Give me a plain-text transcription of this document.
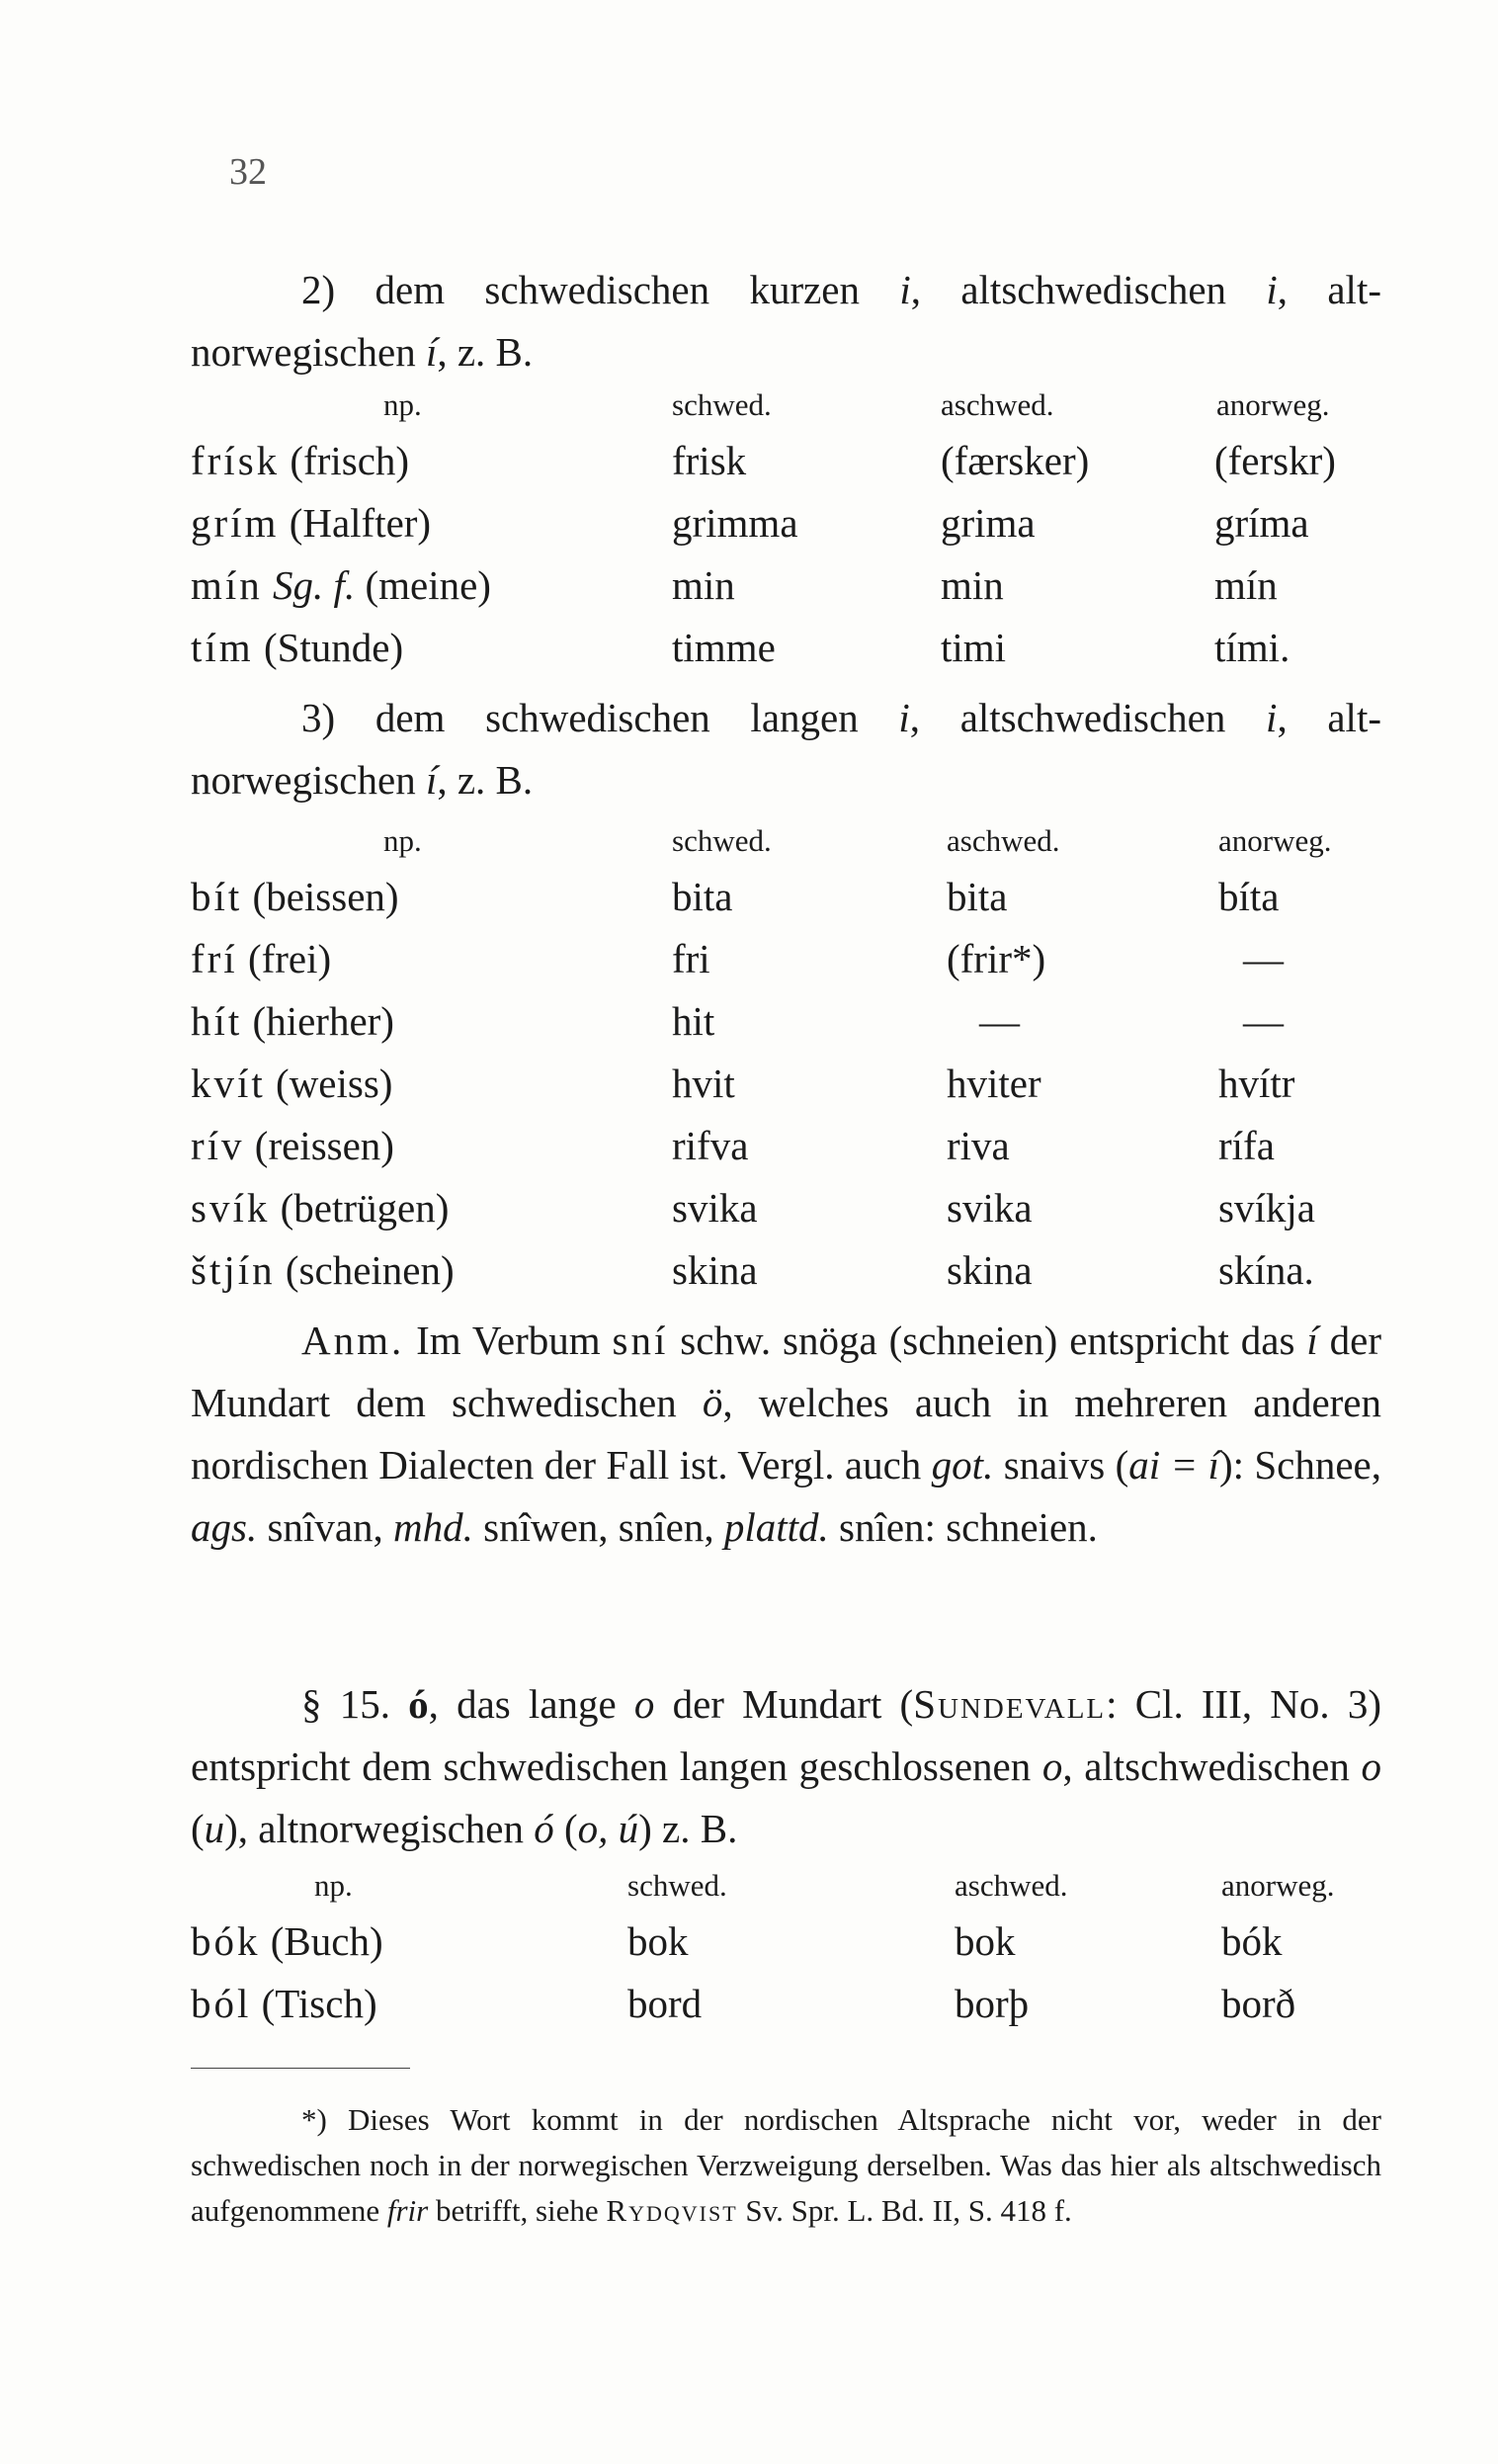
32
2) dem schwedischen kurzen i, altschwedischen i, alt-norwegischen í, z. B.
np.	schwed.	aschwed.	anorweg.
frísk (frisch)	frisk	(færsker)	(ferskr)
grím (Halfter)	grimma	grima	gríma
mín Sg. f. (meine)	min	min	mín
tím (Stunde)	timme	timi	tími.
3) dem schwedischen langen i, altschwedischen i, alt-norwegischen í, z. B.
np.	schwed.	aschwed.	anorweg.
bít (beissen)	bita	bita	bíta
frí (frei)	fri	(frir*)	—
hít (hierher)	hit	—	—
kvít (weiss)	hvit	hviter	hvítr
rív (reissen)	rifva	riva	rífa
svík (betrügen)	svika	svika	svíkja
štjín (scheinen)	skina	skina	skína.
Anm. Im Verbum sní schw. snöga (schneien) entspricht das í der Mundart dem schwedischen ö, welches auch in mehreren anderen nordischen Dialecten der Fall ist. Vergl. auch got. snaivs (ai = í): Schnee, ags. snîvan, mhd. snîwen, snîen, plattd. snîen: schneien.
§ 15. ó, das lange o der Mundart (Sundevall: Cl. III, No. 3) entspricht dem schwedischen langen geschlossenen o, altschwedischen o (u), altnorwegischen ó (o, ú) z. B.
np.	schwed.	aschwed.	anorweg.
bók (Buch)	bok	bok	bók
ból (Tisch)	bord	borþ	borð
*) Dieses Wort kommt in der nordischen Altsprache nicht vor, weder in der schwedischen noch in der norwegischen Verzweigung derselben. Was das hier als altschwedisch aufgenommene frir betrifft, siehe Rydqvist Sv. Spr. L. Bd. II, S. 418 f.
